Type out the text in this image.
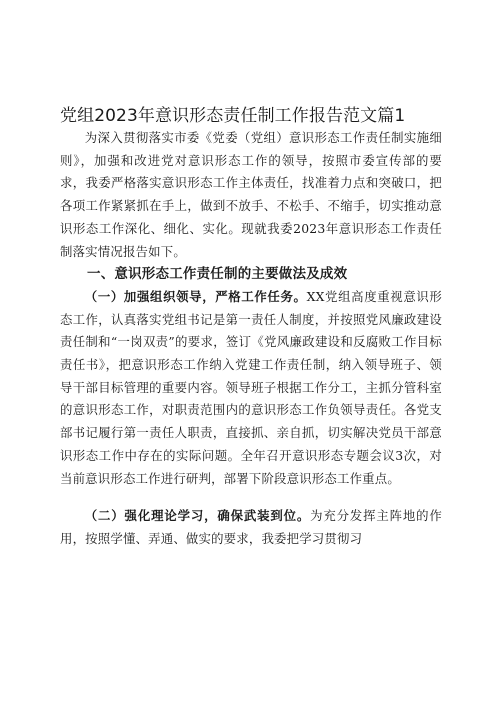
党组2023年意识形态责任制工作报告范文篇1

为深入贯彻落实市委《党委（党组）意识形态工作责任制实施细则》，加强和改进党对意识形态工作的领导，按照市委宣传部的要求，我委严格落实意识形态工作主体责任，找准着力点和突破口，把各项工作紧紧抓在手上，做到不放手、不松手、不缩手，切实推动意识形态工作深化、细化、实化。现就我委2023年意识形态工作责任制落实情况报告如下。

一、意识形态工作责任制的主要做法及成效

（一）加强组织领导，严格工作任务。XX党组高度重视意识形态工作，认真落实党组书记是第一责任人制度，并按照党风廉政建设责任制和“一岗双责”的要求，签订《党风廉政建设和反腐败工作目标责任书》，把意识形态工作纳入党建工作责任制，纳入领导班子、领导干部目标管理的重要内容。领导班子根据工作分工，主抓分管科室的意识形态工作，对职责范围内的意识形态工作负领导责任。各党支部书记履行第一责任人职责，直接抓、亲自抓，切实解决党员干部意识形态工作中存在的实际问题。全年召开意识形态专题会议3次，对当前意识形态工作进行研判，部署下阶段意识形态工作重点。

（二）强化理论学习，确保武装到位。为充分发挥主阵地的作用，按照学懂、弄通、做实的要求，我委把学习贯彻习
